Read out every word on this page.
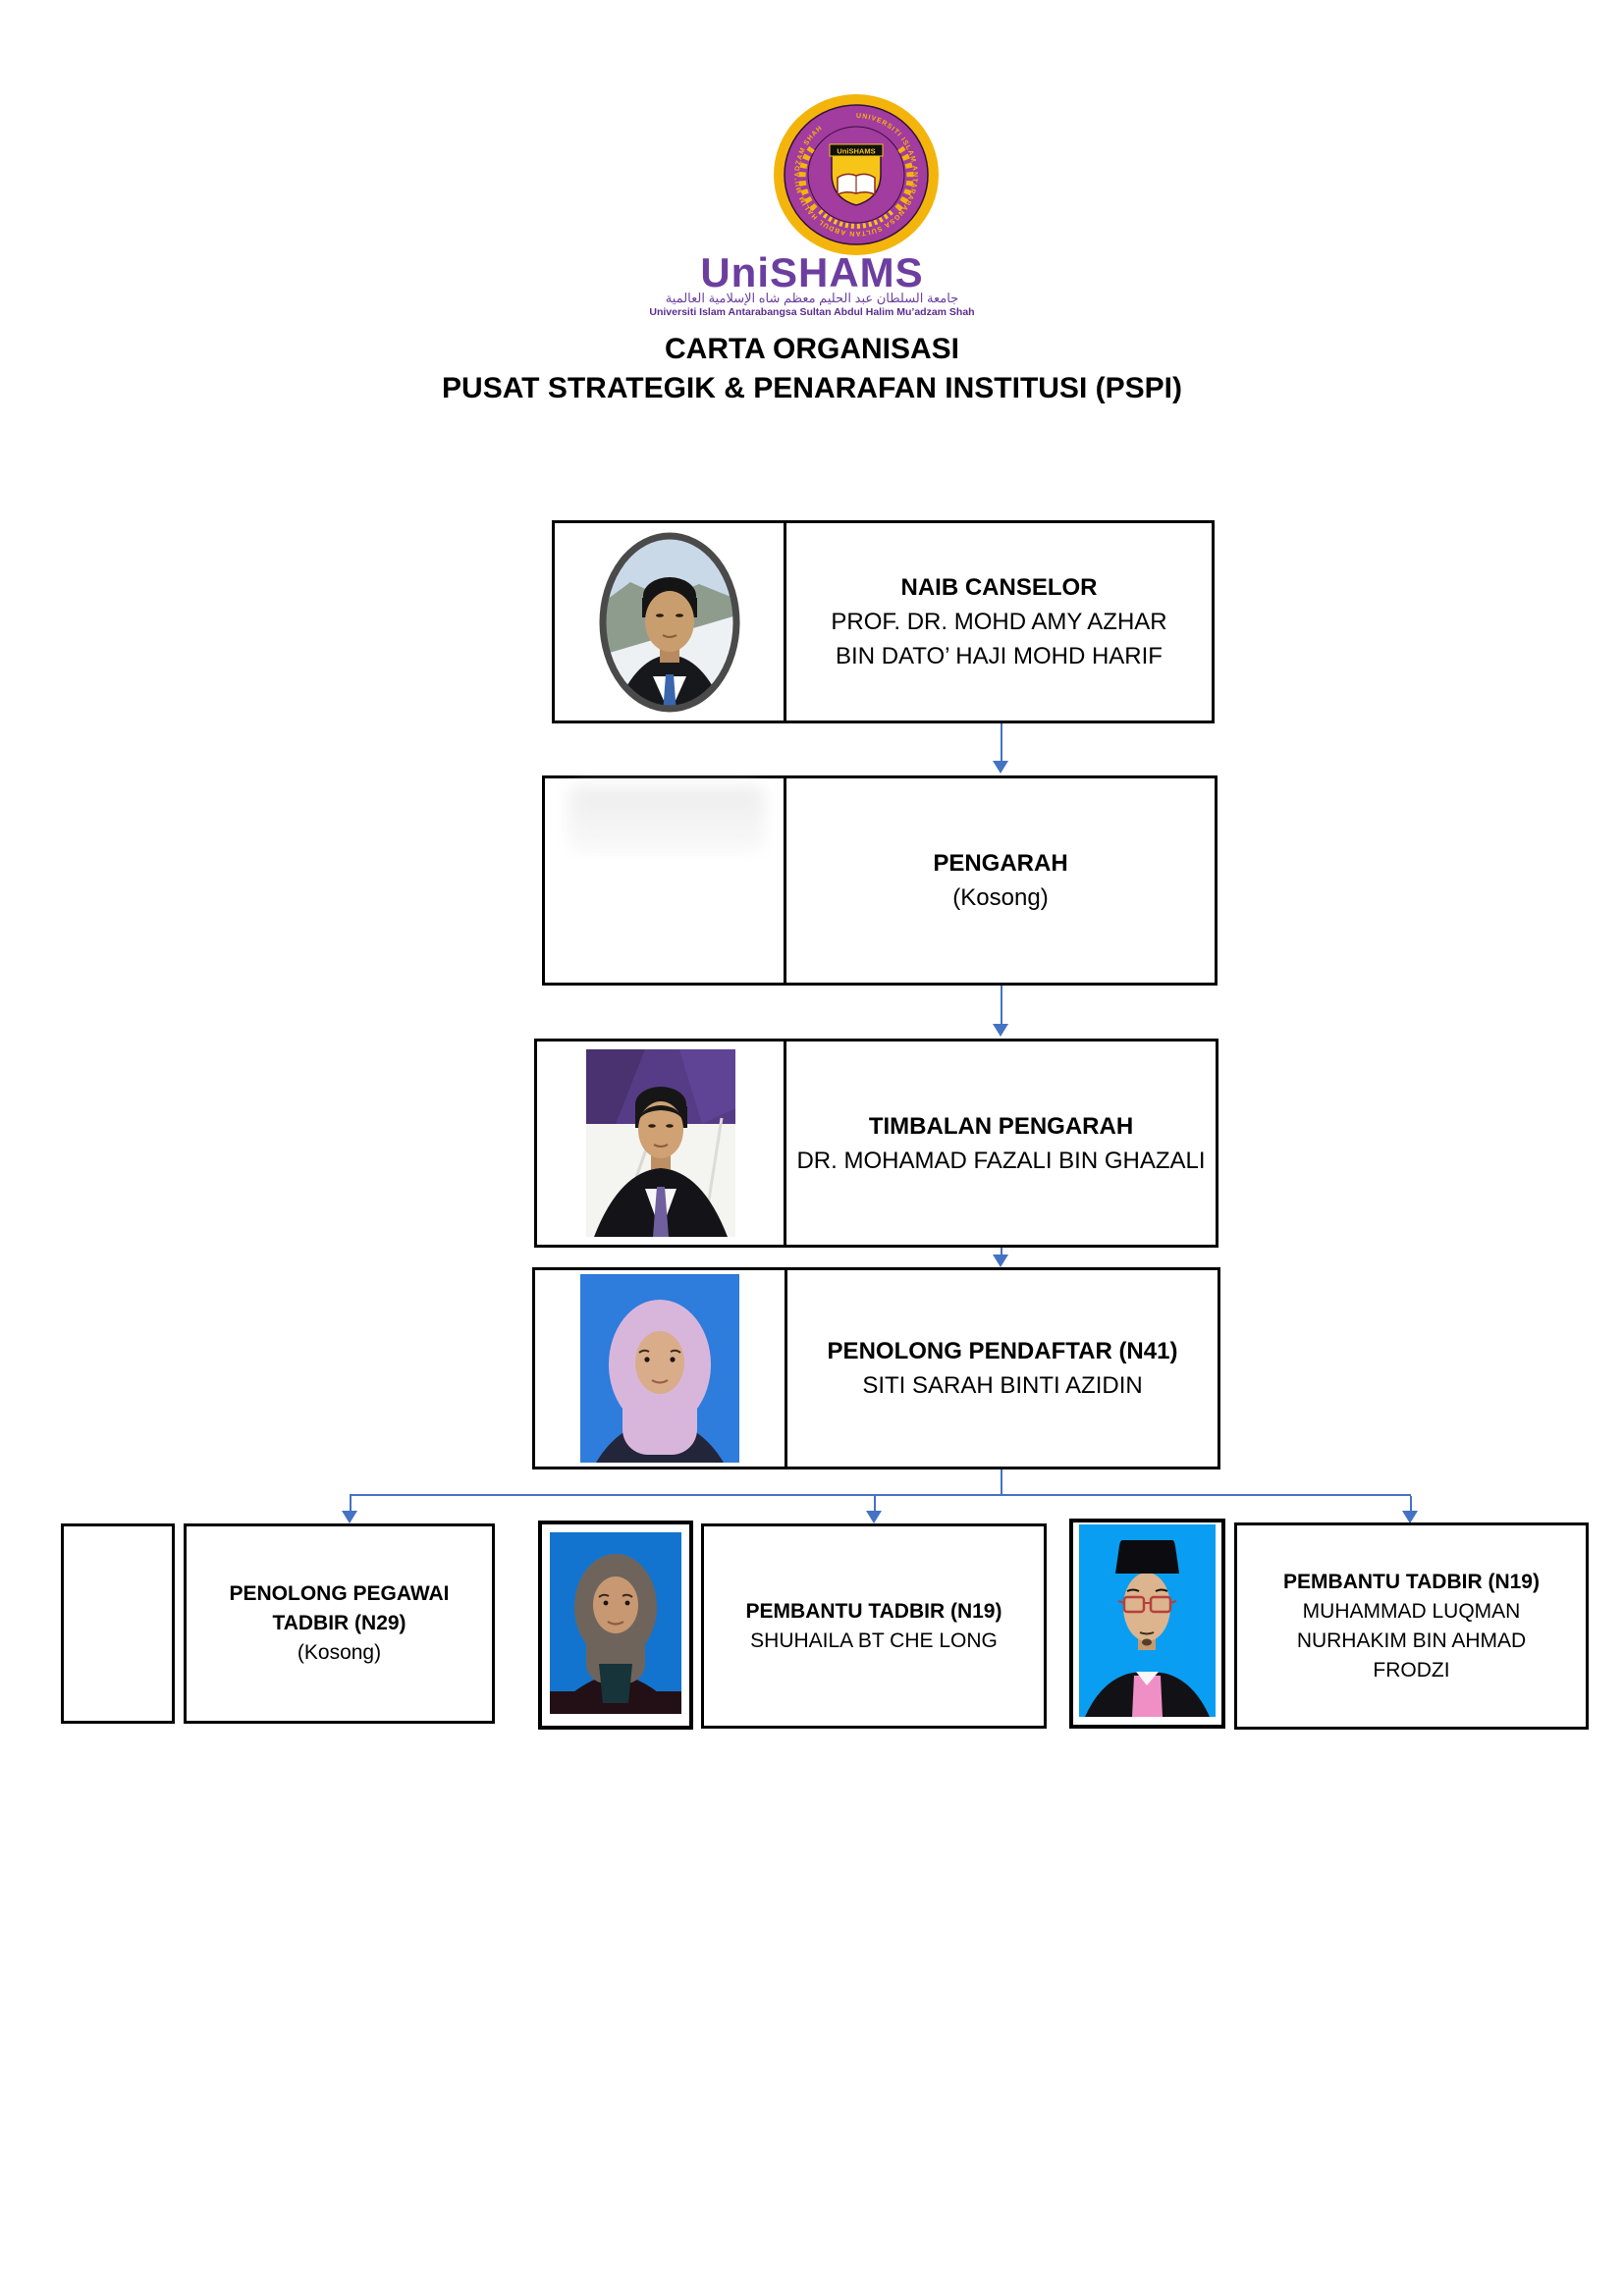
UNIVERSITI ISLAM ANTARABANGSA SULTAN ABDUL HALIM MU’ADZAM SHAH
UniSHAMS
UniSHAMS
جامعة السلطان عبد الحليم معظم شاه الإسلامية العالمية
Universiti Islam Antarabangsa Sultan Abdul Halim Mu’adzam Shah
CARTA ORGANISASI
PUSAT STRATEGIK & PENARAFAN INSTITUSI (PSPI)
NAIB CANSELOR
PROF. DR. MOHD AMY AZHAR BIN DATO’ HAJI MOHD HARIF
PENGARAH
(Kosong)
TIMBALAN PENGARAH
DR. MOHAMAD FAZALI BIN GHAZALI
PENOLONG PENDAFTAR (N41)
SITI SARAH BINTI AZIDIN
PENOLONG PEGAWAI TADBIR (N29)
(Kosong)
PEMBANTU TADBIR (N19)
SHUHAILA BT CHE LONG
PEMBANTU TADBIR (N19)
MUHAMMAD LUQMAN NURHAKIM BIN AHMAD FRODZI
